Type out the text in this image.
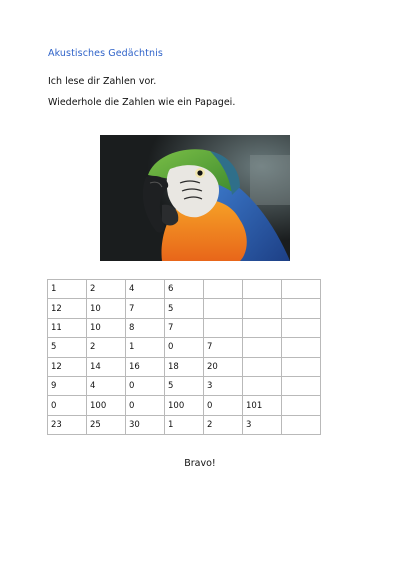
Akustisches Gedächtnis
Ich lese dir Zahlen vor.
Wiederhole die Zahlen wie ein Papagei.
1	2	4	6			
12	10	7	5			
11	10	8	7			
5	2	1	0	7		
12	14	16	18	20		
9	4	0	5	3		
0	100	0	100	0	101	
23	25	30	1	2	3	
Bravo!
